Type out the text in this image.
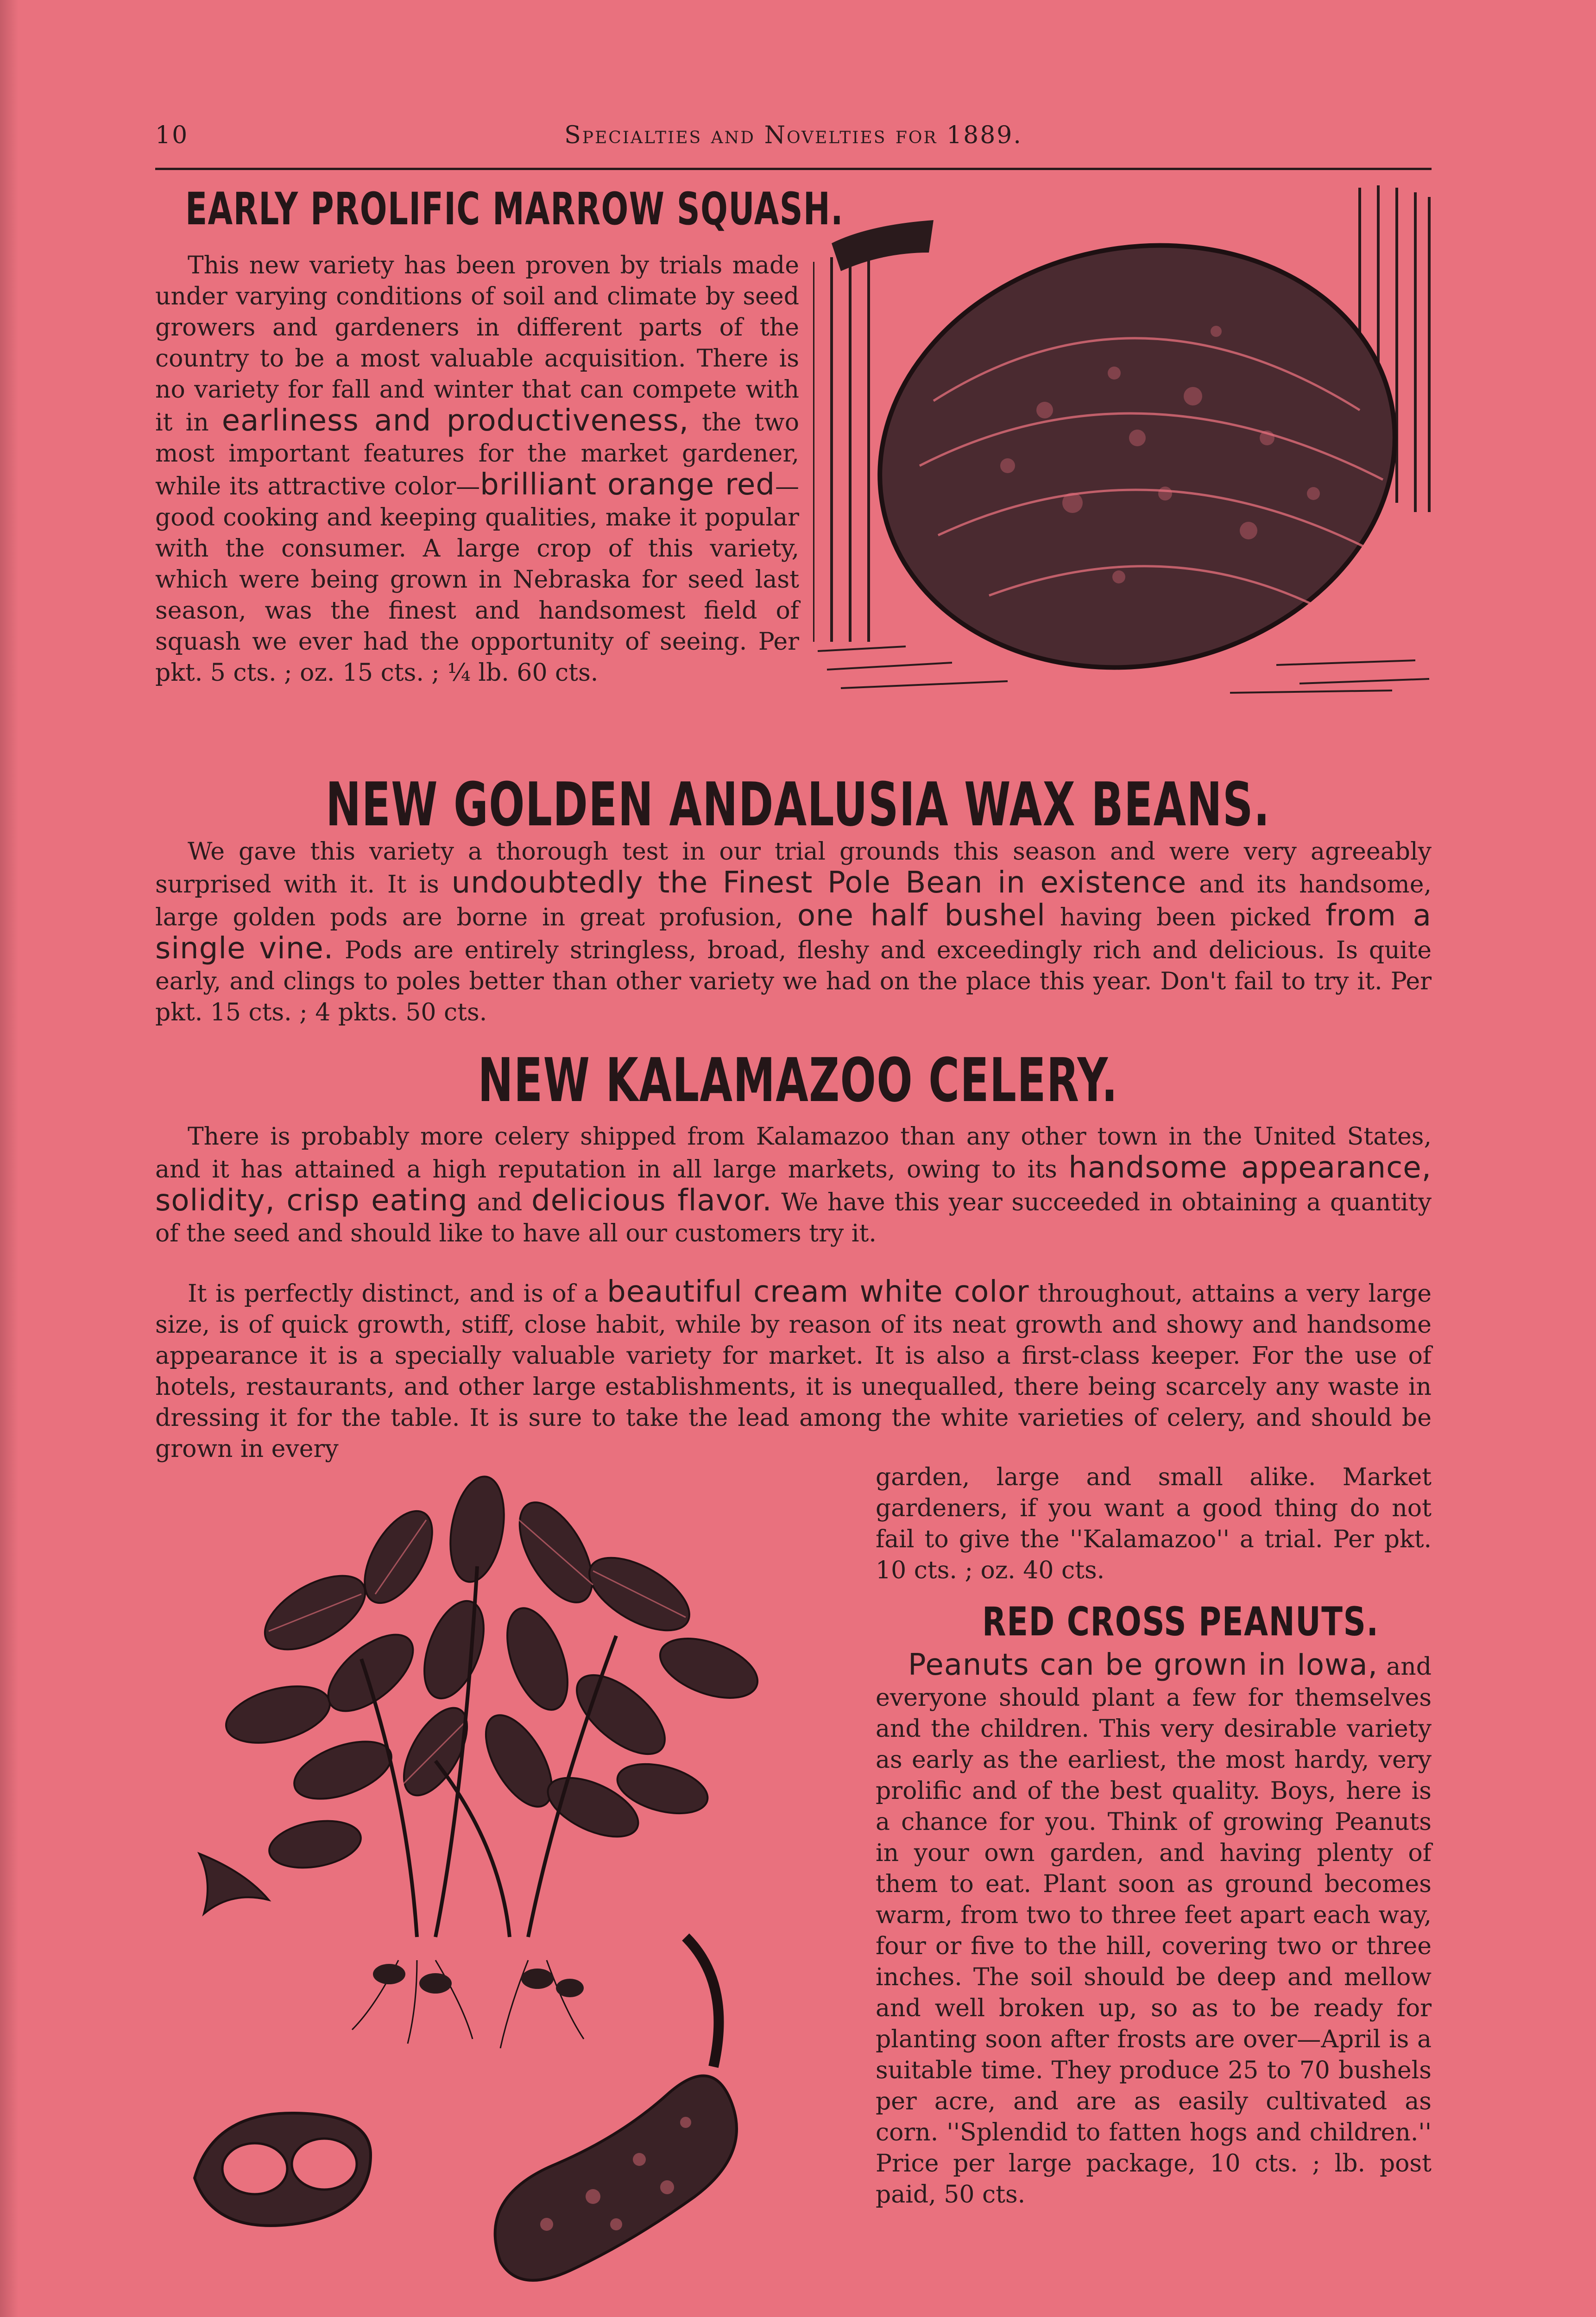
10	Specialties and Novelties for 1889.
EARLY PROLIFIC MARROW SQUASH.
This new variety has been proven by trials made under varying conditions of soil and climate by seed growers and gardeners in different parts of the country to be a most valuable acquisition. There is no variety for fall and winter that can compete with it in earliness and productiveness, the two most important features for the market gardener, while its attractive color—brilliant orange red—good cooking and keeping qualities, make it popular with the consumer. A large crop of this variety, which were being grown in Nebraska for seed last season, was the finest and handsomest field of squash we ever had the opportunity of seeing. Per pkt. 5 cts. ; oz. 15 cts. ; ¼ lb. 60 cts.
NEW GOLDEN ANDALUSIA WAX BEANS.
We gave this variety a thorough test in our trial grounds this season and were very agreeably surprised with it. It is undoubtedly the Finest Pole Bean in existence and its handsome, large golden pods are borne in great profusion, one half bushel having been picked from a single vine. Pods are entirely stringless, broad, fleshy and exceedingly rich and delicious. Is quite early, and clings to poles better than other variety we had on the place this year. Don't fail to try it. Per pkt. 15 cts. ; 4 pkts. 50 cts.
NEW KALAMAZOO CELERY.
There is probably more celery shipped from Kalamazoo than any other town in the United States, and it has attained a high reputation in all large markets, owing to its handsome appearance, solidity, crisp eating and delicious flavor. We have this year succeeded in obtaining a quantity of the seed and should like to have all our customers try it.
It is perfectly distinct, and is of a beautiful cream white color throughout, attains a very large size, is of quick growth, stiff, close habit, while by reason of its neat growth and showy and handsome appearance it is a specially valuable variety for market. It is also a first-class keeper. For the use of hotels, restaurants, and other large establishments, it is unequalled, there being scarcely any waste in dressing it for the table. It is sure to take the lead among the white varieties of celery, and should be grown in every
garden, large and small alike. Market gardeners, if you want a good thing do not fail to give the ''Kalamazoo'' a trial. Per pkt. 10 cts. ; oz. 40 cts.
RED CROSS PEANUTS.
Peanuts can be grown in Iowa, and everyone should plant a few for themselves and the children. This very desirable variety as early as the earliest, the most hardy, very prolific and of the best quality. Boys, here is a chance for you. Think of growing Peanuts in your own garden, and having plenty of them to eat. Plant soon as ground becomes warm, from two to three feet apart each way, four or five to the hill, covering two or three inches. The soil should be deep and mellow and well broken up, so as to be ready for planting soon after frosts are over—April is a suitable time. They produce 25 to 70 bushels per acre, and are as easily cultivated as corn. ''Splendid to fatten hogs and children.'' Price per large package, 10 cts. ; lb. post paid, 50 cts.
